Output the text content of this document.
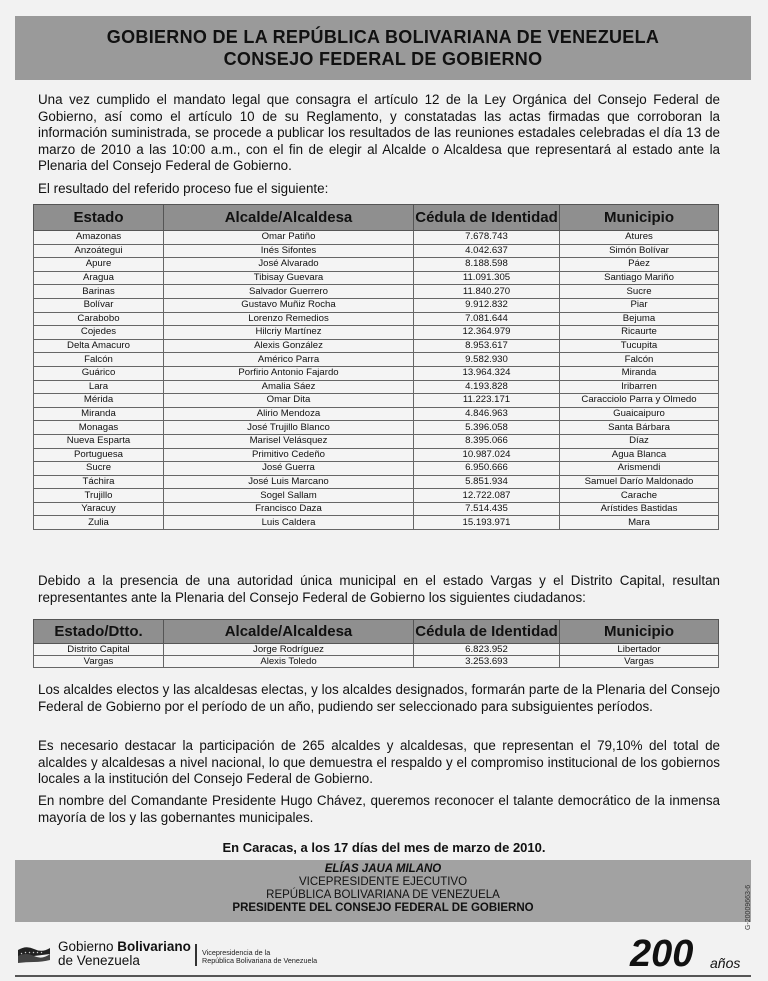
GOBIERNO DE LA REPÚBLICA BOLIVARIANA DE VENEZUELA
CONSEJO FEDERAL DE GOBIERNO
Una vez cumplido el mandato legal que consagra el artículo 12 de la Ley Orgánica del Consejo Federal de Gobierno, así como el artículo 10 de su Reglamento, y constatadas las actas firmadas que corroboran la información suministrada, se procede a publicar los resultados de las reuniones estadales celebradas el día 13 de marzo de 2010 a las 10:00 a.m., con el fin de elegir al Alcalde o Alcaldesa que representará al estado ante la Plenaria del Consejo Federal de Gobierno.
El resultado del referido proceso fue el siguiente:
Estado	Alcalde/Alcaldesa	Cédula de Identidad	Municipio
Amazonas	Omar Patiño	7.678.743	Atures
Anzoátegui	Inés Sifontes	4.042.637	Simón Bolívar
Apure	José Alvarado	8.188.598	Páez
Aragua	Tibisay Guevara	11.091.305	Santiago Mariño
Barinas	Salvador Guerrero	11.840.270	Sucre
Bolívar	Gustavo Muñiz Rocha	9.912.832	Piar
Carabobo	Lorenzo Remedios	7.081.644	Bejuma
Cojedes	Hilcriy Martínez	12.364.979	Ricaurte
Delta Amacuro	Alexis González	8.953.617	Tucupita
Falcón	Américo Parra	9.582.930	Falcón
Guárico	Porfirio Antonio Fajardo	13.964.324	Miranda
Lara	Amalia Sáez	4.193.828	Iribarren
Mérida	Omar Dita	11.223.171	Caracciolo Parra y Olmedo
Miranda	Alirio Mendoza	4.846.963	Guaicaipuro
Monagas	José Trujillo Blanco	5.396.058	Santa Bárbara
Nueva Esparta	Marisel Velásquez	8.395.066	Díaz
Portuguesa	Primitivo Cedeño	10.987.024	Agua Blanca
Sucre	José Guerra	6.950.666	Arismendi
Táchira	José Luis Marcano	5.851.934	Samuel Darío Maldonado
Trujillo	Sogel Sallam	12.722.087	Carache
Yaracuy	Francisco Daza	7.514.435	Arístides Bastidas
Zulia	Luis Caldera	15.193.971	Mara
Debido a la presencia de una autoridad única municipal en el estado Vargas y el Distrito Capital, resultan representantes ante la Plenaria del Consejo Federal de Gobierno los siguientes ciudadanos:
Estado/Dtto.	Alcalde/Alcaldesa	Cédula de Identidad	Municipio
Distrito Capital	Jorge Rodríguez	6.823.952	Libertador
Vargas	Alexis Toledo	3.253.693	Vargas
Los alcaldes electos y las alcaldesas electas, y los alcaldes designados, formarán parte de la Plenaria del Consejo Federal de Gobierno por el período de un año, pudiendo ser seleccionado para subsiguientes períodos.
Es necesario destacar la participación de 265 alcaldes y alcaldesas, que representan el 79,10% del total de alcaldes y alcaldesas a nivel nacional, lo que demuestra el respaldo y el compromiso institucional de los gobiernos locales a la institución del Consejo Federal de Gobierno.
En nombre del Comandante Presidente Hugo Chávez, queremos reconocer el talante democrático de la inmensa mayoría de los y las gobernantes municipales.
En Caracas, a los 17 días del mes de marzo de 2010.
ELÍAS JAUA MILANO
VICEPRESIDENTE EJECUTIVO
REPÚBLICA BOLIVARIANA DE VENEZUELA
PRESIDENTE DEL CONSEJO FEDERAL DE GOBIERNO	G-20009663-6
Gobierno Bolivariano
de Venezuela
Vicepresidencia de la
República Bolivariana de Venezuela	200 años
